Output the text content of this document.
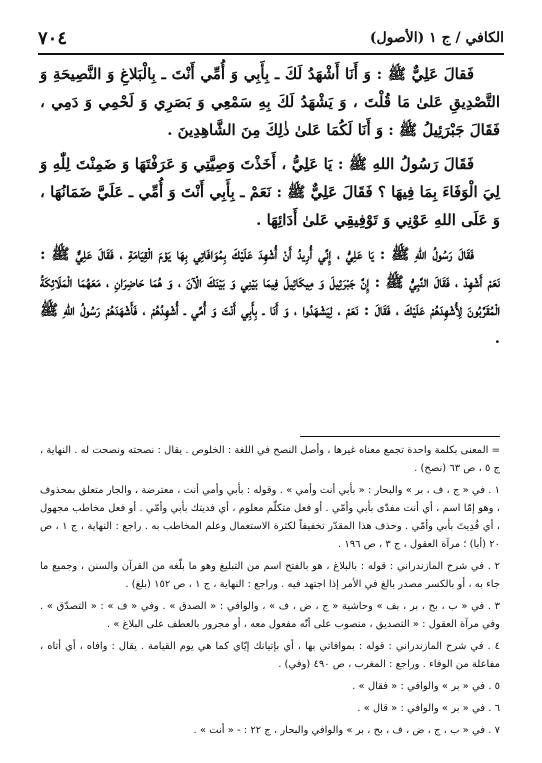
٧٠٤	الكافي / ج ١ (الأصول)

فَقالَ عَلِيٌّ ﷺ : وَ أَنَا أَشْهَدُ لَكَ ـ بِأَبِي وَ أُمِّي أَنْتَ ـ بِالْبَلاغِ وَ النَّصِيحَةِ وَ التَّصْدِيقِ عَلىٰ مَا قُلْتَ ، وَ يَشْهَدُ لَكَ بِهِ سَمْعِي وَ بَصَرِي وَ لَحْمِي وَ دَمِي ، فَقَالَ جَبْرَئِيلُ ﷺ : وَ أَنَا لَكُمَا عَلىٰ ذٰلِكَ مِنَ الشَّاهِدِينَ .

فَقَالَ رَسُولُ اللهِ ﷺ : يَا عَلِيُّ ، أَخَذْتَ وَصِيَّتِي وَ عَرَفْتَهَا وَ ضَمِنْتَ لِلّٰهِ وَ لِيَ الْوَفَاءَ بِمَا فِيهَا ؟ فَقَالَ عَلِيٌّ ﷺ : نَعَمْ ـ بِأَبِي أَنْتَ وَ أُمِّي ـ عَلَيَّ ضَمَانُهَا ، وَ عَلَى اللهِ عَوْنِي وَ تَوْفِيقِي عَلىٰ أَدَائِهَا .

فَقَالَ رَسُولُ اللهِ ﷺ : يَا عَلِيُّ ، إِنِّي أُرِيدُ أَنْ أُشْهِدَ عَلَيْكَ بِمُوَافَاتِي بِهَا يَوْمَ الْقِيَامَةِ ، فَقَالَ عَلِيٌّ ﷺ : نَعَمْ أَشْهِدْ ، فَقَالَ النَّبِيُّ ﷺ : إِنَّ جَبْرَئِيلَ وَ مِيكَائِيلَ فِيمَا بَيْنِي وَ بَيْنَكَ الْآنَ ، وَ هُمَا حَاضِرَانِ ، مَعَهُمَا الْمَلَائِكَةُ الْمُقَرَّبُونَ لِأُشْهِدَهُمْ عَلَيْكَ ، فَقَالَ : نَعَمْ ، لِيَشْهَدُوا ، وَ أَنَا ـ بِأَبِي أَنْتَ وَ أُمِّي ـ أُشْهِدُهُمْ ، فَأَشْهَدَهُمْ رَسُولُ اللهِ ﷺ .

= المعنى بكلمة واحدة تجمع معناه غيرها ، وأصل النصح في اللغة : الخلوص . يقال : نصحته ونصحت له . النهاية ، ج ٥ ، ص ٦٣ (نصح) .

١ . في « ج ، ف ، بر » والبحار : « بأبي أنت وأمي » . وقوله : بأبي وأمي أنت ، معترضة ، والجار متعلق بمحذوف ، وهو إمّا اسم ، أي أنت مفدّى بأبي وأمّي . أو فعل متكلّم معلوم ، أي فديتك بأبي وأمّي . أو فعل مخاطب مجهول ، أي فُدِيتَ بأبي وأمّي . وحذف هذا المقدّر تخفيفاً لكثرة الاستعمال وعلم المخاطب به . راجع : النهاية ، ج ١ ، ص ٢٠ (أبا) ؛ مرآة العقول ، ج ٣ ، ص ١٩٦ .

٢ . في شرح المازندراني : قوله : بالبلاغ ، هو بالفتح اسم من التبليغ وهو ما بلّغه من القرآن والسنن ، وجميع ما جاء به ، أو بالكسر مصدر بالغ في الأمر إذا اجتهد فيه . وراجع : النهاية ، ج ١ ، ص ١٥٢ (بلغ) .

٣ . في « ب ، بح ، بر ، بف » وحاشية « ج ، ض ، ف » ، والوافي : « الصدق » . وفي « ف » : « التصدّق » . وفي مرآة العقول : « التصديق ، منصوب على أنّه مفعول معه ، أو مجرور بالعطف على البلاغ » .

٤ . في شرح المازندراني : قوله : بموافاتي بها ، أي بإتيانك إيّاي كما هي يوم القيامة . يقال : وافاه ، أي أتاه ، مفاعلة من الوفاء . وراجع : المغرب ، ص ٤٩٠ (وفي) .

٥ . في « بر » والوافي : « فقال » .

٦ . في « بر » والوافي : « قال » .

٧ . في « ب ، ج ، ض ، ف ، بح ، بر » والوافي والبحار ، ج ٢٢ : - « أنت » .
